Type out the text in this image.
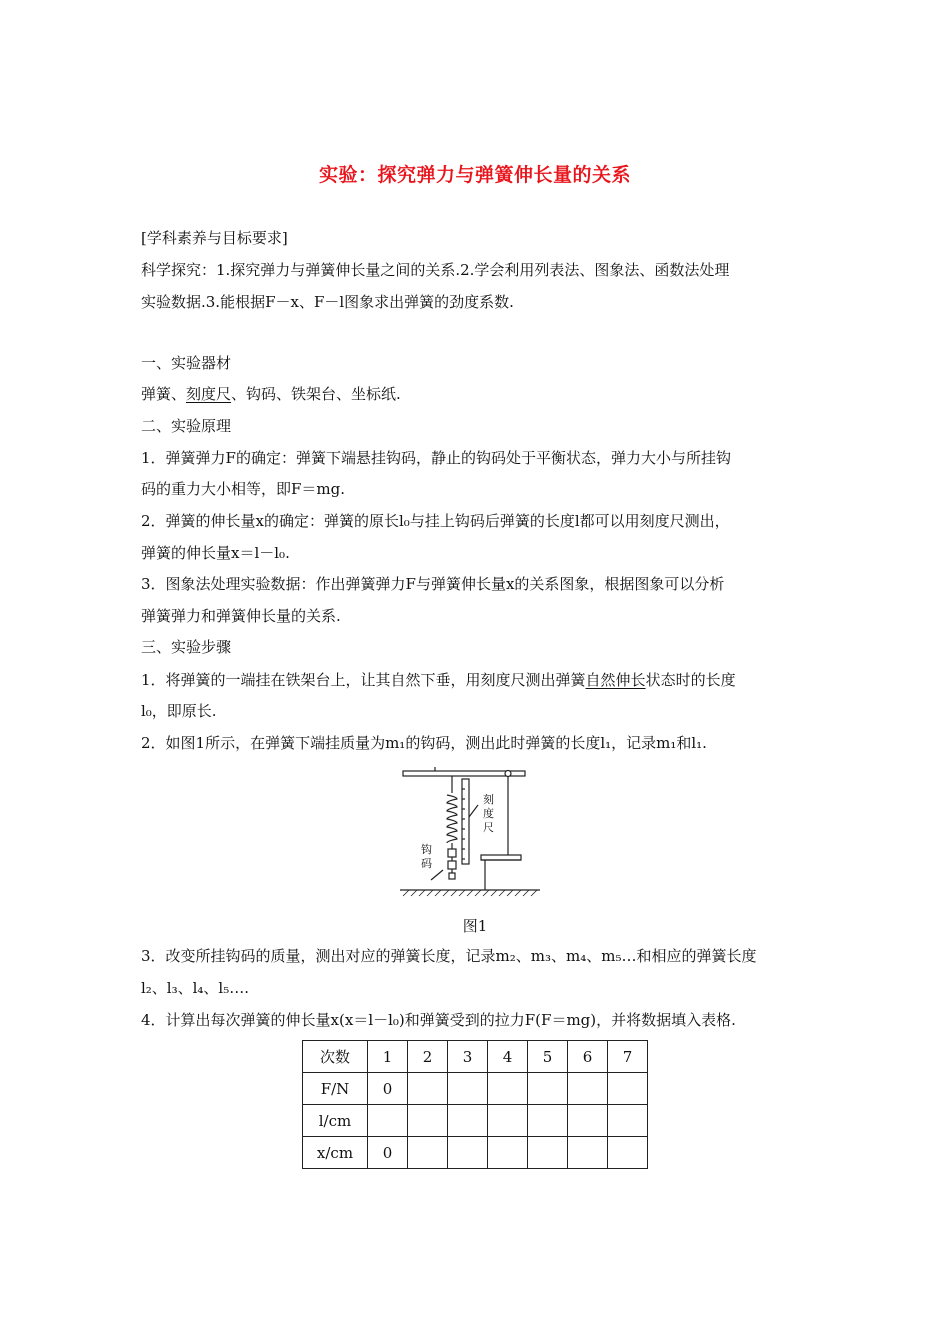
实验：探究弹力与弹簧伸长量的关系
[学科素养与目标要求]
科学探究：1.探究弹力与弹簧伸长量之间的关系.2.学会利用列表法、图象法、函数法处理
实验数据.3.能根据F－x、F－l图象求出弹簧的劲度系数.
一、实验器材
弹簧、刻度尺、钩码、铁架台、坐标纸.
二、实验原理
1．弹簧弹力F的确定：弹簧下端悬挂钩码，静止的钩码处于平衡状态，弹力大小与所挂钩
码的重力大小相等，即F＝mg.
2．弹簧的伸长量x的确定：弹簧的原长l₀与挂上钩码后弹簧的长度l都可以用刻度尺测出，
弹簧的伸长量x＝l－l₀.
3．图象法处理实验数据：作出弹簧弹力F与弹簧伸长量x的关系图象，根据图象可以分析
弹簧弹力和弹簧伸长量的关系.
三、实验步骤
1．将弹簧的一端挂在铁架台上，让其自然下垂，用刻度尺测出弹簧自然伸长状态时的长度
l₀，即原长.
2．如图1所示，在弹簧下端挂质量为m₁的钩码，测出此时弹簧的长度l₁，记录m₁和l₁.
刻
度
尺
钩
码
图1
3．改变所挂钩码的质量，测出对应的弹簧长度，记录m₂、m₃、m₄、m₅…和相应的弹簧长度
l₂、l₃、l₄、l₅….
4．计算出每次弹簧的伸长量x(x＝l－l₀)和弹簧受到的拉力F(F＝mg)，并将数据填入表格.
次数	1	2	3	4	5	6	7
F/N	0						
l/cm							
x/cm	0						
